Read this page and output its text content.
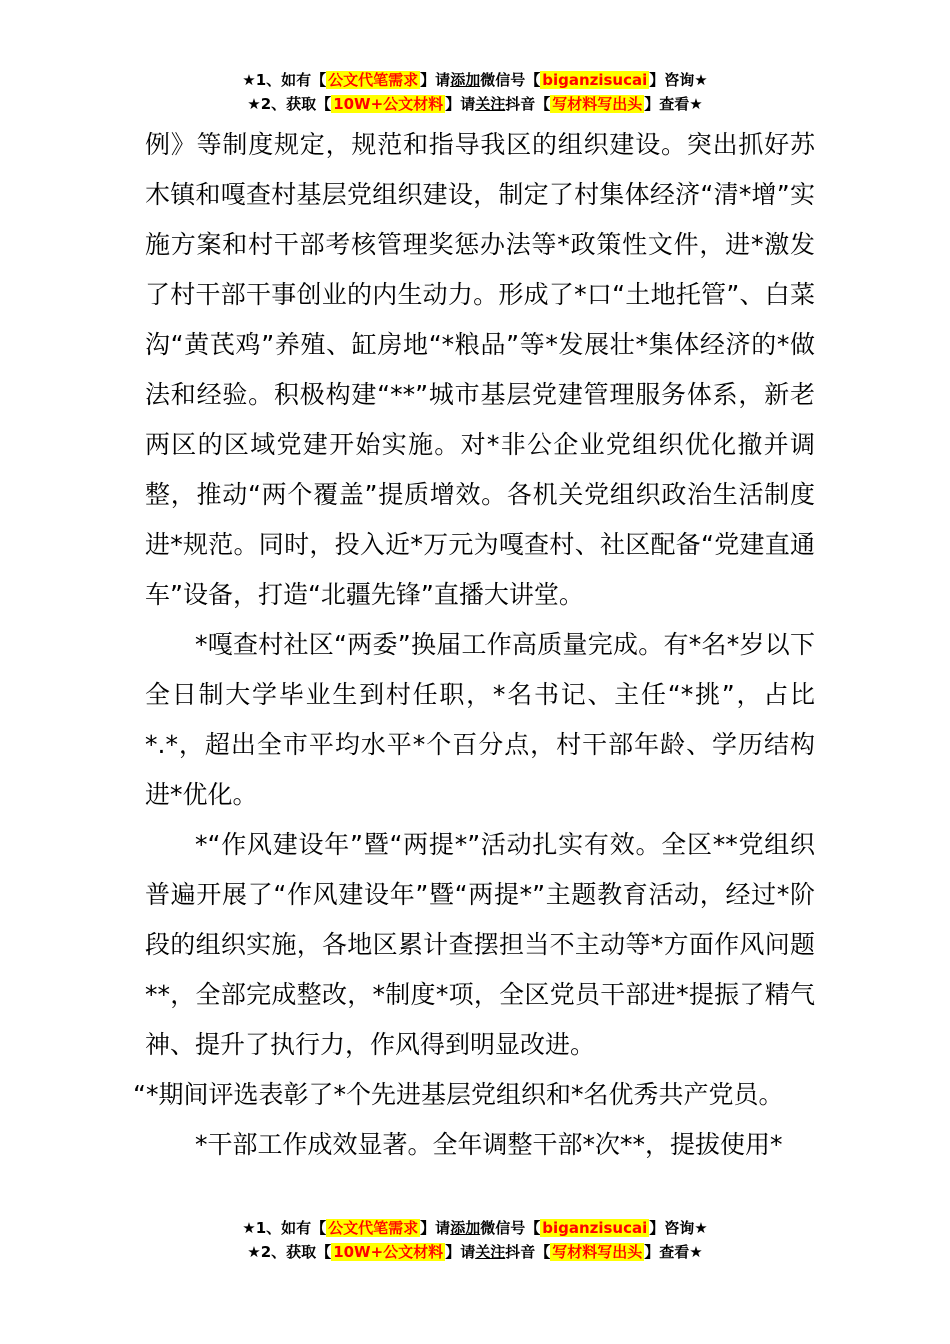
★1、如有【 公文代笔需求 】请添加微信号【 biganzisucai 】咨询★
★2、获取【 10W+公文材料 】请关注抖音【 写材料写出头 】查看★

例》等制度规定，规范和指导我区的组织建设。突出抓好苏木镇和嘎查村基层党组织建设，制定了村集体经济“清*增”实施方案和村干部考核管理奖惩办法等*政策性文件，进*激发了村干部干事创业的内生动力。形成了*口“土地托管”、白菜沟“黄芪鸡”养殖、缸房地“*粮品”等*发展壮*集体经济的*做法和经验。积极构建“**”城市基层党建管理服务体系，新老两区的区域党建开始实施。对*非公企业党组织优化撤并调整，推动“两个覆盖”提质增效。各机关党组织政治生活制度进*规范。同时，投入近*万元为嘎查村、社区配备“党建直通车”设备，打造“北疆先锋”直播大讲堂。

*嘎查村社区“两委”换届工作高质量完成。有*名*岁以下全日制大学毕业生到村任职，*名书记、主任“*挑”，占比*.*，超出全市平均水平*个百分点，村干部年龄、学历结构进*优化。

*“作风建设年”暨“两提*”活动扎实有效。全区**党组织普遍开展了“作风建设年”暨“两提*”主题教育活动，经过*阶段的组织实施，各地区累计查摆担当不主动等*方面作风问题**，全部完成整改，*制度*项，全区党员干部进*提振了精气神、提升了执行力，作风得到明显改进。

“*期间评选表彰了*个先进基层党组织和*名优秀共产党员。

*干部工作成效显著。全年调整干部*次**，提拔使用*

★1、如有【 公文代笔需求 】请添加微信号【 biganzisucai 】咨询★
★2、获取【 10W+公文材料 】请关注抖音【 写材料写出头 】查看★
